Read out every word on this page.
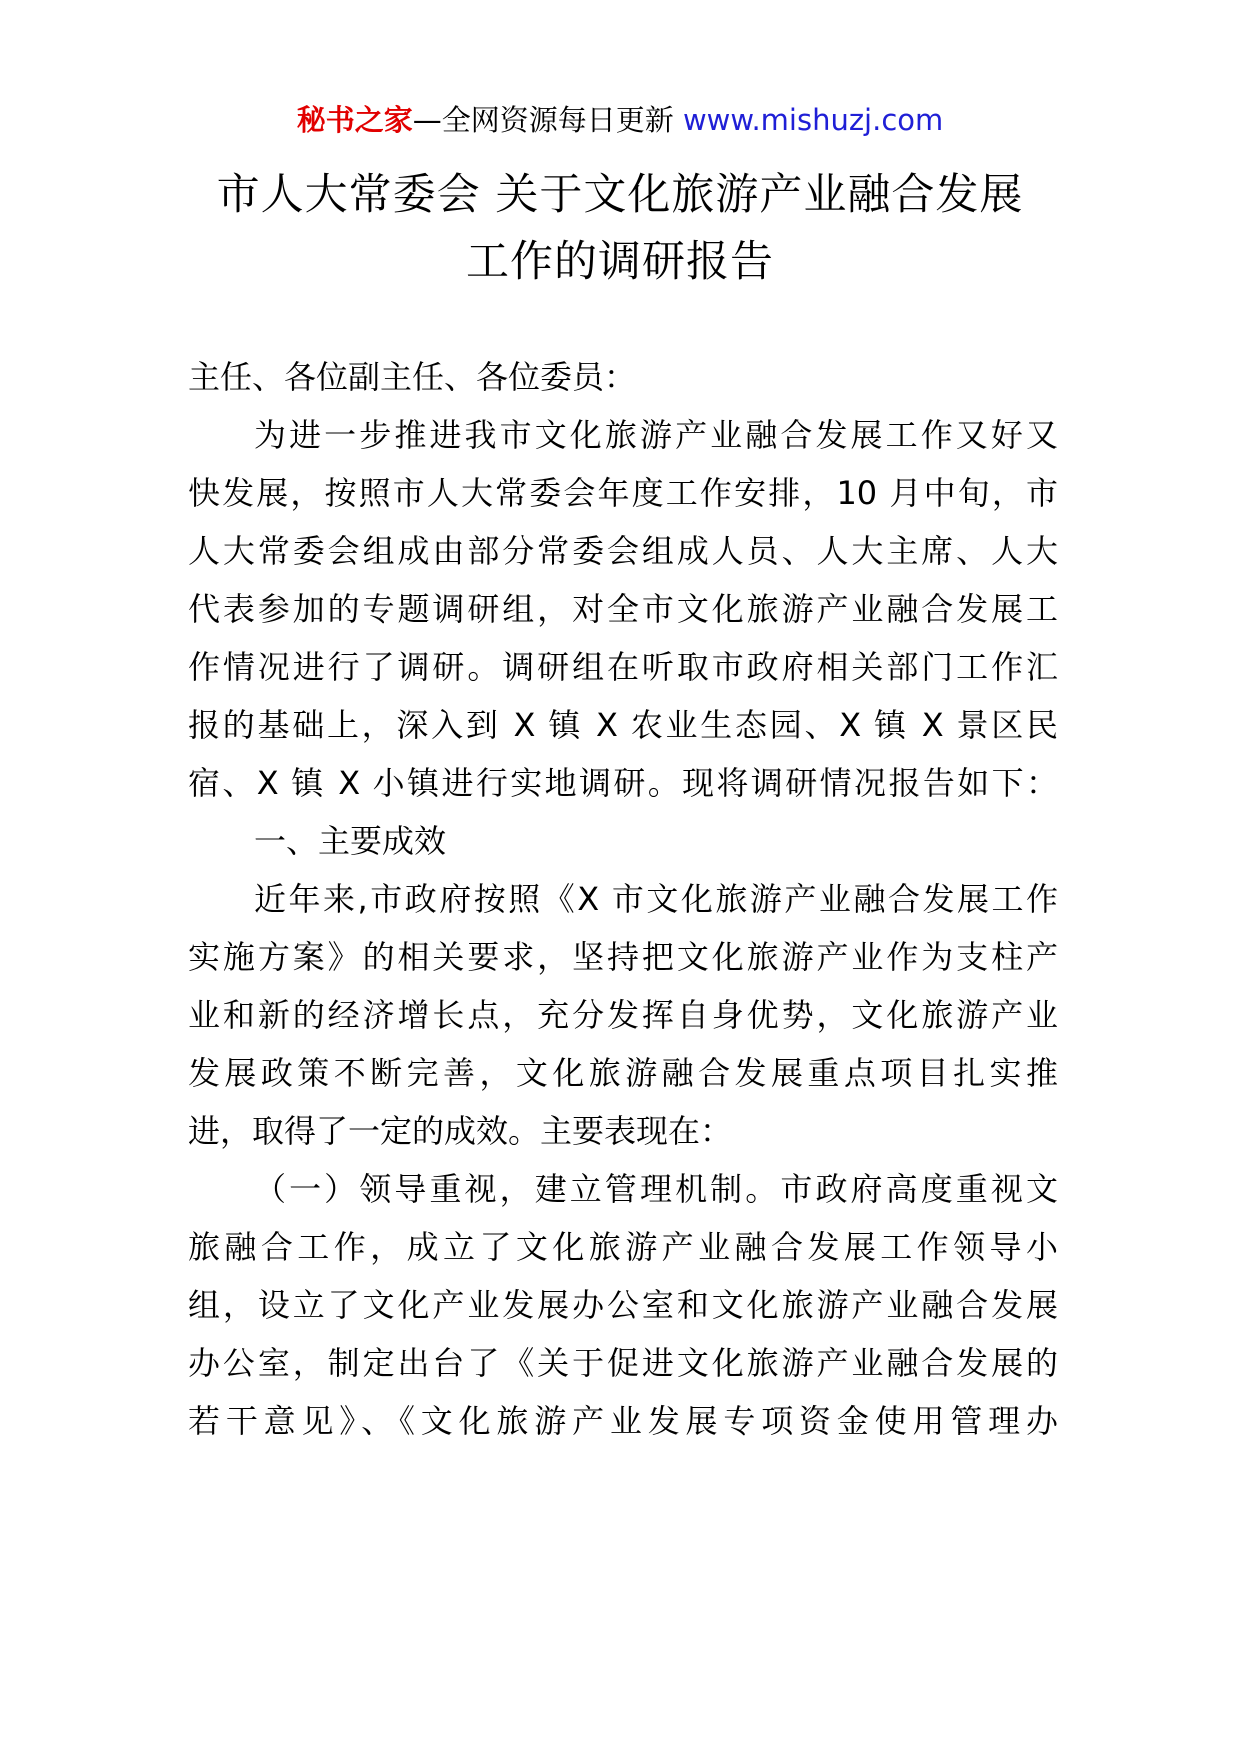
秘书之家—全网资源每日更新 www.mishuzj.com
市人大常委会 关于文化旅游产业融合发展
工作的调研报告
主任、各位副主任、各位委员：
为进一步推进我市文化旅游产业融合发展工作又好又
快发展，按照市人大常委会年度工作安排，10 月中旬，市
人大常委会组成由部分常委会组成人员、人大主席、人大
代表参加的专题调研组，对全市文化旅游产业融合发展工
作情况进行了调研。调研组在听取市政府相关部门工作汇
报的基础上，深入到 X 镇 X 农业生态园、X 镇 X 景区民
宿、X 镇 X 小镇进行实地调研。现将调研情况报告如下：
一、主要成效
近年来,市政府按照《X 市文化旅游产业融合发展工作
实施方案》的相关要求，坚持把文化旅游产业作为支柱产
业和新的经济增长点，充分发挥自身优势，文化旅游产业
发展政策不断完善，文化旅游融合发展重点项目扎实推
进，取得了一定的成效。主要表现在：
（一）领导重视，建立管理机制。市政府高度重视文
旅融合工作，成立了文化旅游产业融合发展工作领导小
组，设立了文化产业发展办公室和文化旅游产业融合发展
办公室，制定出台了《关于促进文化旅游产业融合发展的
若干意见》、《文化旅游产业发展专项资金使用管理办
